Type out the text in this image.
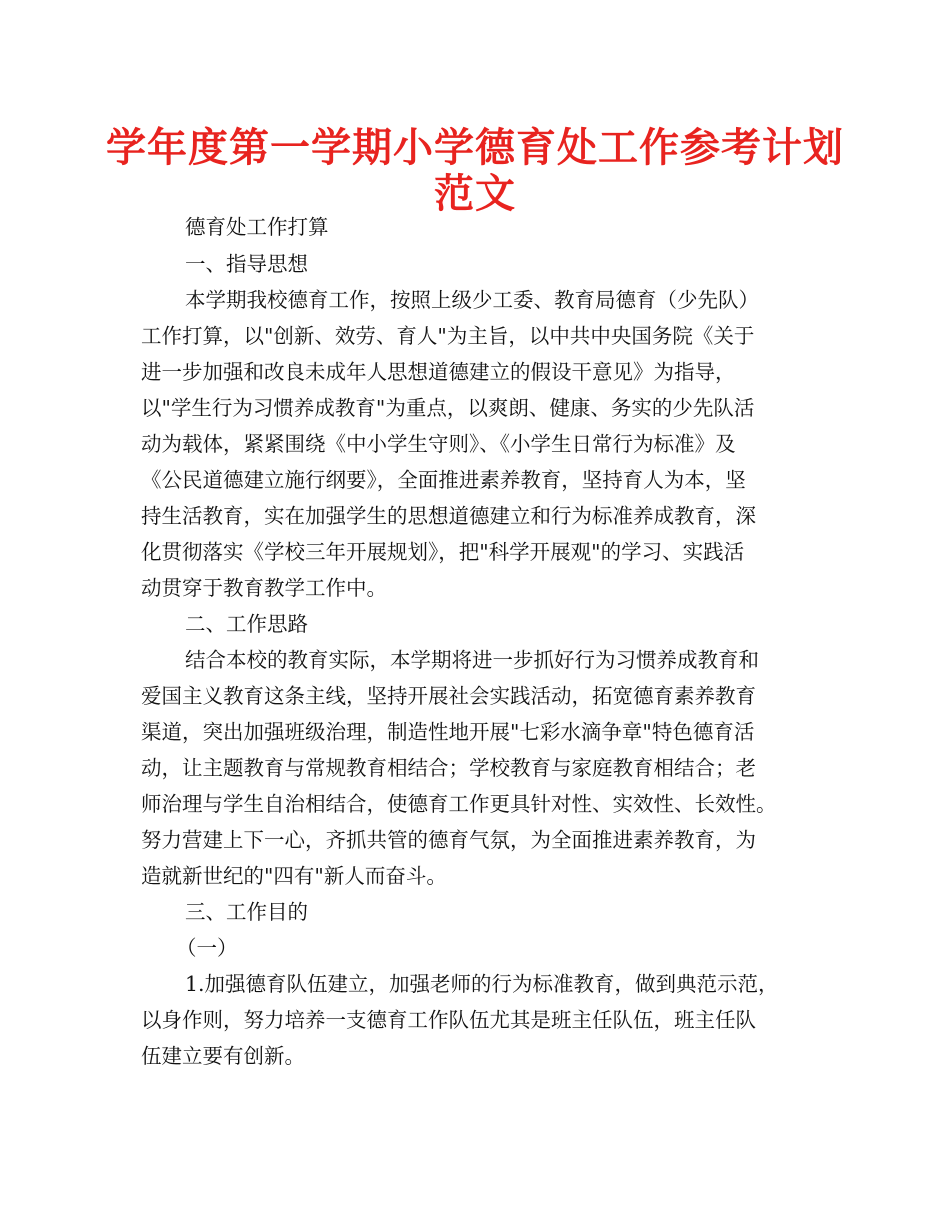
学年度第一学期小学德育处工作参考计划
范文
德育处工作打算
一、指导思想
本学期我校德育工作，按照上级少工委、教育局德育（少先队）
工作打算，以"创新、效劳、育人"为主旨，以中共中央国务院《关于
进一步加强和改良未成年人思想道德建立的假设干意见》为指导，
以"学生行为习惯养成教育"为重点，以爽朗、健康、务实的少先队活
动为载体，紧紧围绕《中小学生守则》、《小学生日常行为标准》及
《公民道德建立施行纲要》，全面推进素养教育，坚持育人为本，坚
持生活教育，实在加强学生的思想道德建立和行为标准养成教育，深
化贯彻落实《学校三年开展规划》，把"科学开展观"的学习、实践活
动贯穿于教育教学工作中。
二、工作思路
结合本校的教育实际，本学期将进一步抓好行为习惯养成教育和
爱国主义教育这条主线，坚持开展社会实践活动，拓宽德育素养教育
渠道，突出加强班级治理，制造性地开展"七彩水滴争章"特色德育活
动，让主题教育与常规教育相结合；学校教育与家庭教育相结合；老
师治理与学生自治相结合，使德育工作更具针对性、实效性、长效性。
努力营建上下一心，齐抓共管的德育气氛，为全面推进素养教育，为
造就新世纪的"四有"新人而奋斗。
三、工作目的
（一）
1.加强德育队伍建立，加强老师的行为标准教育，做到典范示范，
以身作则，努力培养一支德育工作队伍尤其是班主任队伍，班主任队
伍建立要有创新。
